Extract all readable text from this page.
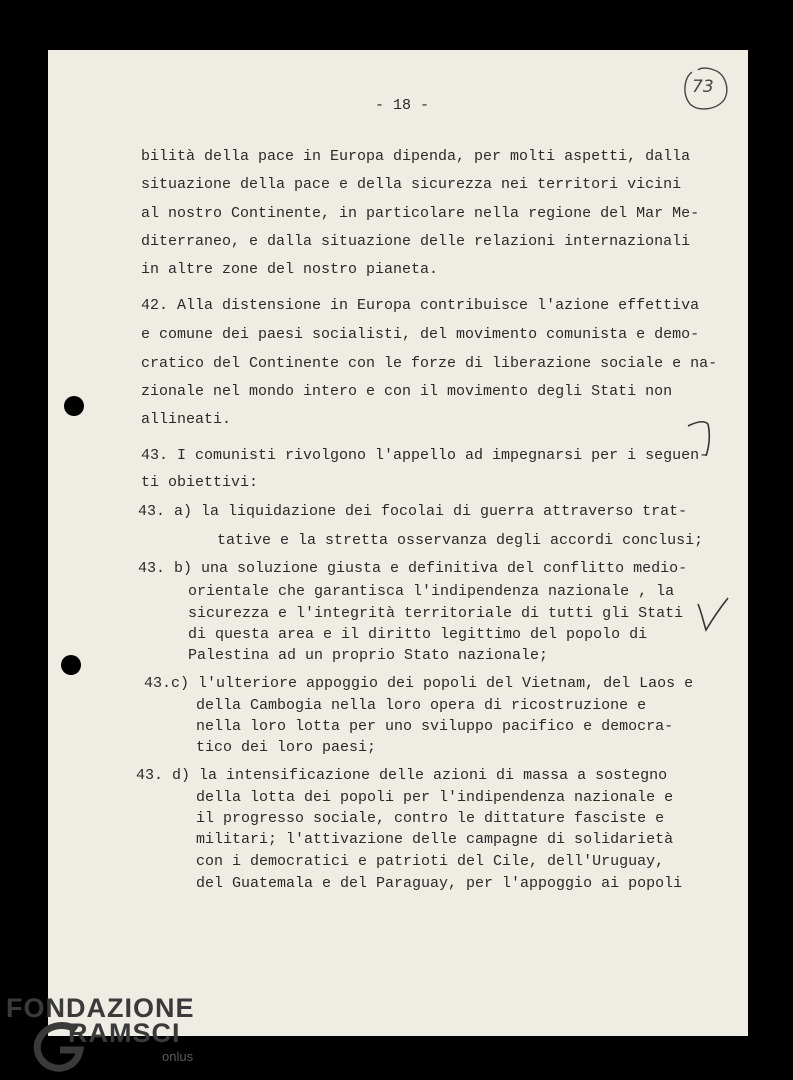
- 18 -
73
bilità della pace in Europa dipenda, per molti aspetti, dalla
situazione della pace e della sicurezza nei territori vicini
al nostro Continente, in particolare nella regione del Mar Me-
diterraneo, e dalla situazione delle relazioni internazionali
in altre zone del nostro pianeta.
42. Alla distensione in Europa contribuisce l'azione effettiva
e comune dei paesi socialisti, del movimento comunista e demo-
cratico del Continente con le forze di liberazione sociale e na-
zionale nel mondo intero e con il movimento degli Stati non
allineati.
43. I comunisti rivolgono l'appello ad impegnarsi per i seguen-
ti obiettivi:
43. a) la liquidazione dei focolai di guerra attraverso trat-
tative e la stretta osservanza degli accordi conclusi;
43. b) una soluzione giusta e definitiva del conflitto medio-
orientale che garantisca l'indipendenza nazionale , la
sicurezza e l'integrità territoriale di tutti gli Stati
di questa area e il diritto legittimo del popolo di
Palestina ad un proprio Stato nazionale;
43.c) l'ulteriore appoggio dei popoli del Vietnam, del Laos e
della Cambogia nella loro opera di ricostruzione e
nella loro lotta per uno sviluppo pacifico e democra-
tico dei loro paesi;
43. d) la intensificazione delle azioni di massa a sostegno
della lotta dei popoli per l'indipendenza nazionale e
il progresso sociale, contro le dittature fasciste e
militari; l'attivazione delle campagne di solidarietà
con i democratici e patrioti del Cile, dell'Uruguay,
del Guatemala e del Paraguay, per l'appoggio ai popoli
FONDAZIONE
RAMSCI
onlus
